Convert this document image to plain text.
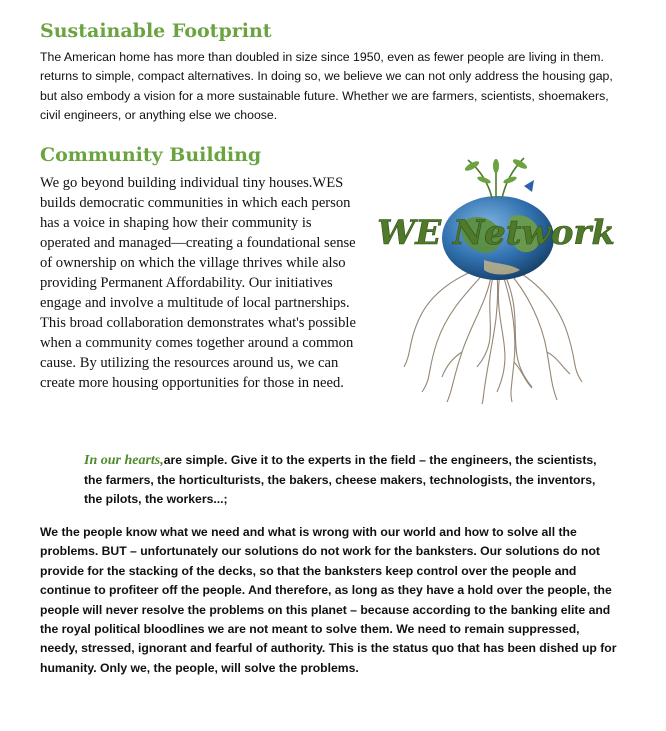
Sustainable Footprint

The American home has more than doubled in size since 1950, even as fewer people are living in them. returns to simple, compact alternatives. In doing so, we believe we can not only address the housing gap, but also embody a vision for a more sustainable future. Whether we are farmers, scientists, shoemakers, civil engineers, or anything else we choose.

Community Building

We go beyond building individual tiny houses.WES builds democratic communities in which each person has a voice in shaping how their community is operated and managed—creating a foundational sense of ownership on which the village thrives while also providing Permanent Affordability. Our initiatives engage and involve a multitude of local partnerships. This broad collaboration demonstrates what's possible when a community comes together around a common cause. By utilizing the resources around us, we can create more housing opportunities for those in need.

WE Network

In our hearts,are simple. Give it to the experts in the field – the engineers, the scientists, the farmers, the horticulturists, the bakers, cheese makers, technologists, the inventors, the pilots, the workers...;

We the people know what we need and what is wrong with our world and how to solve all the problems. BUT – unfortunately our solutions do not work for the banksters. Our solutions do not provide for the stacking of the decks, so that the banksters keep control over the people and continue to profiteer off the people. And therefore, as long as they have a hold over the people, the people will never resolve the problems on this planet – because according to the banking elite and the royal political bloodlines we are not meant to solve them. We need to remain suppressed, needy, stressed, ignorant and fearful of authority. This is the status quo that has been dished up for humanity. Only we, the people, will solve the problems.
